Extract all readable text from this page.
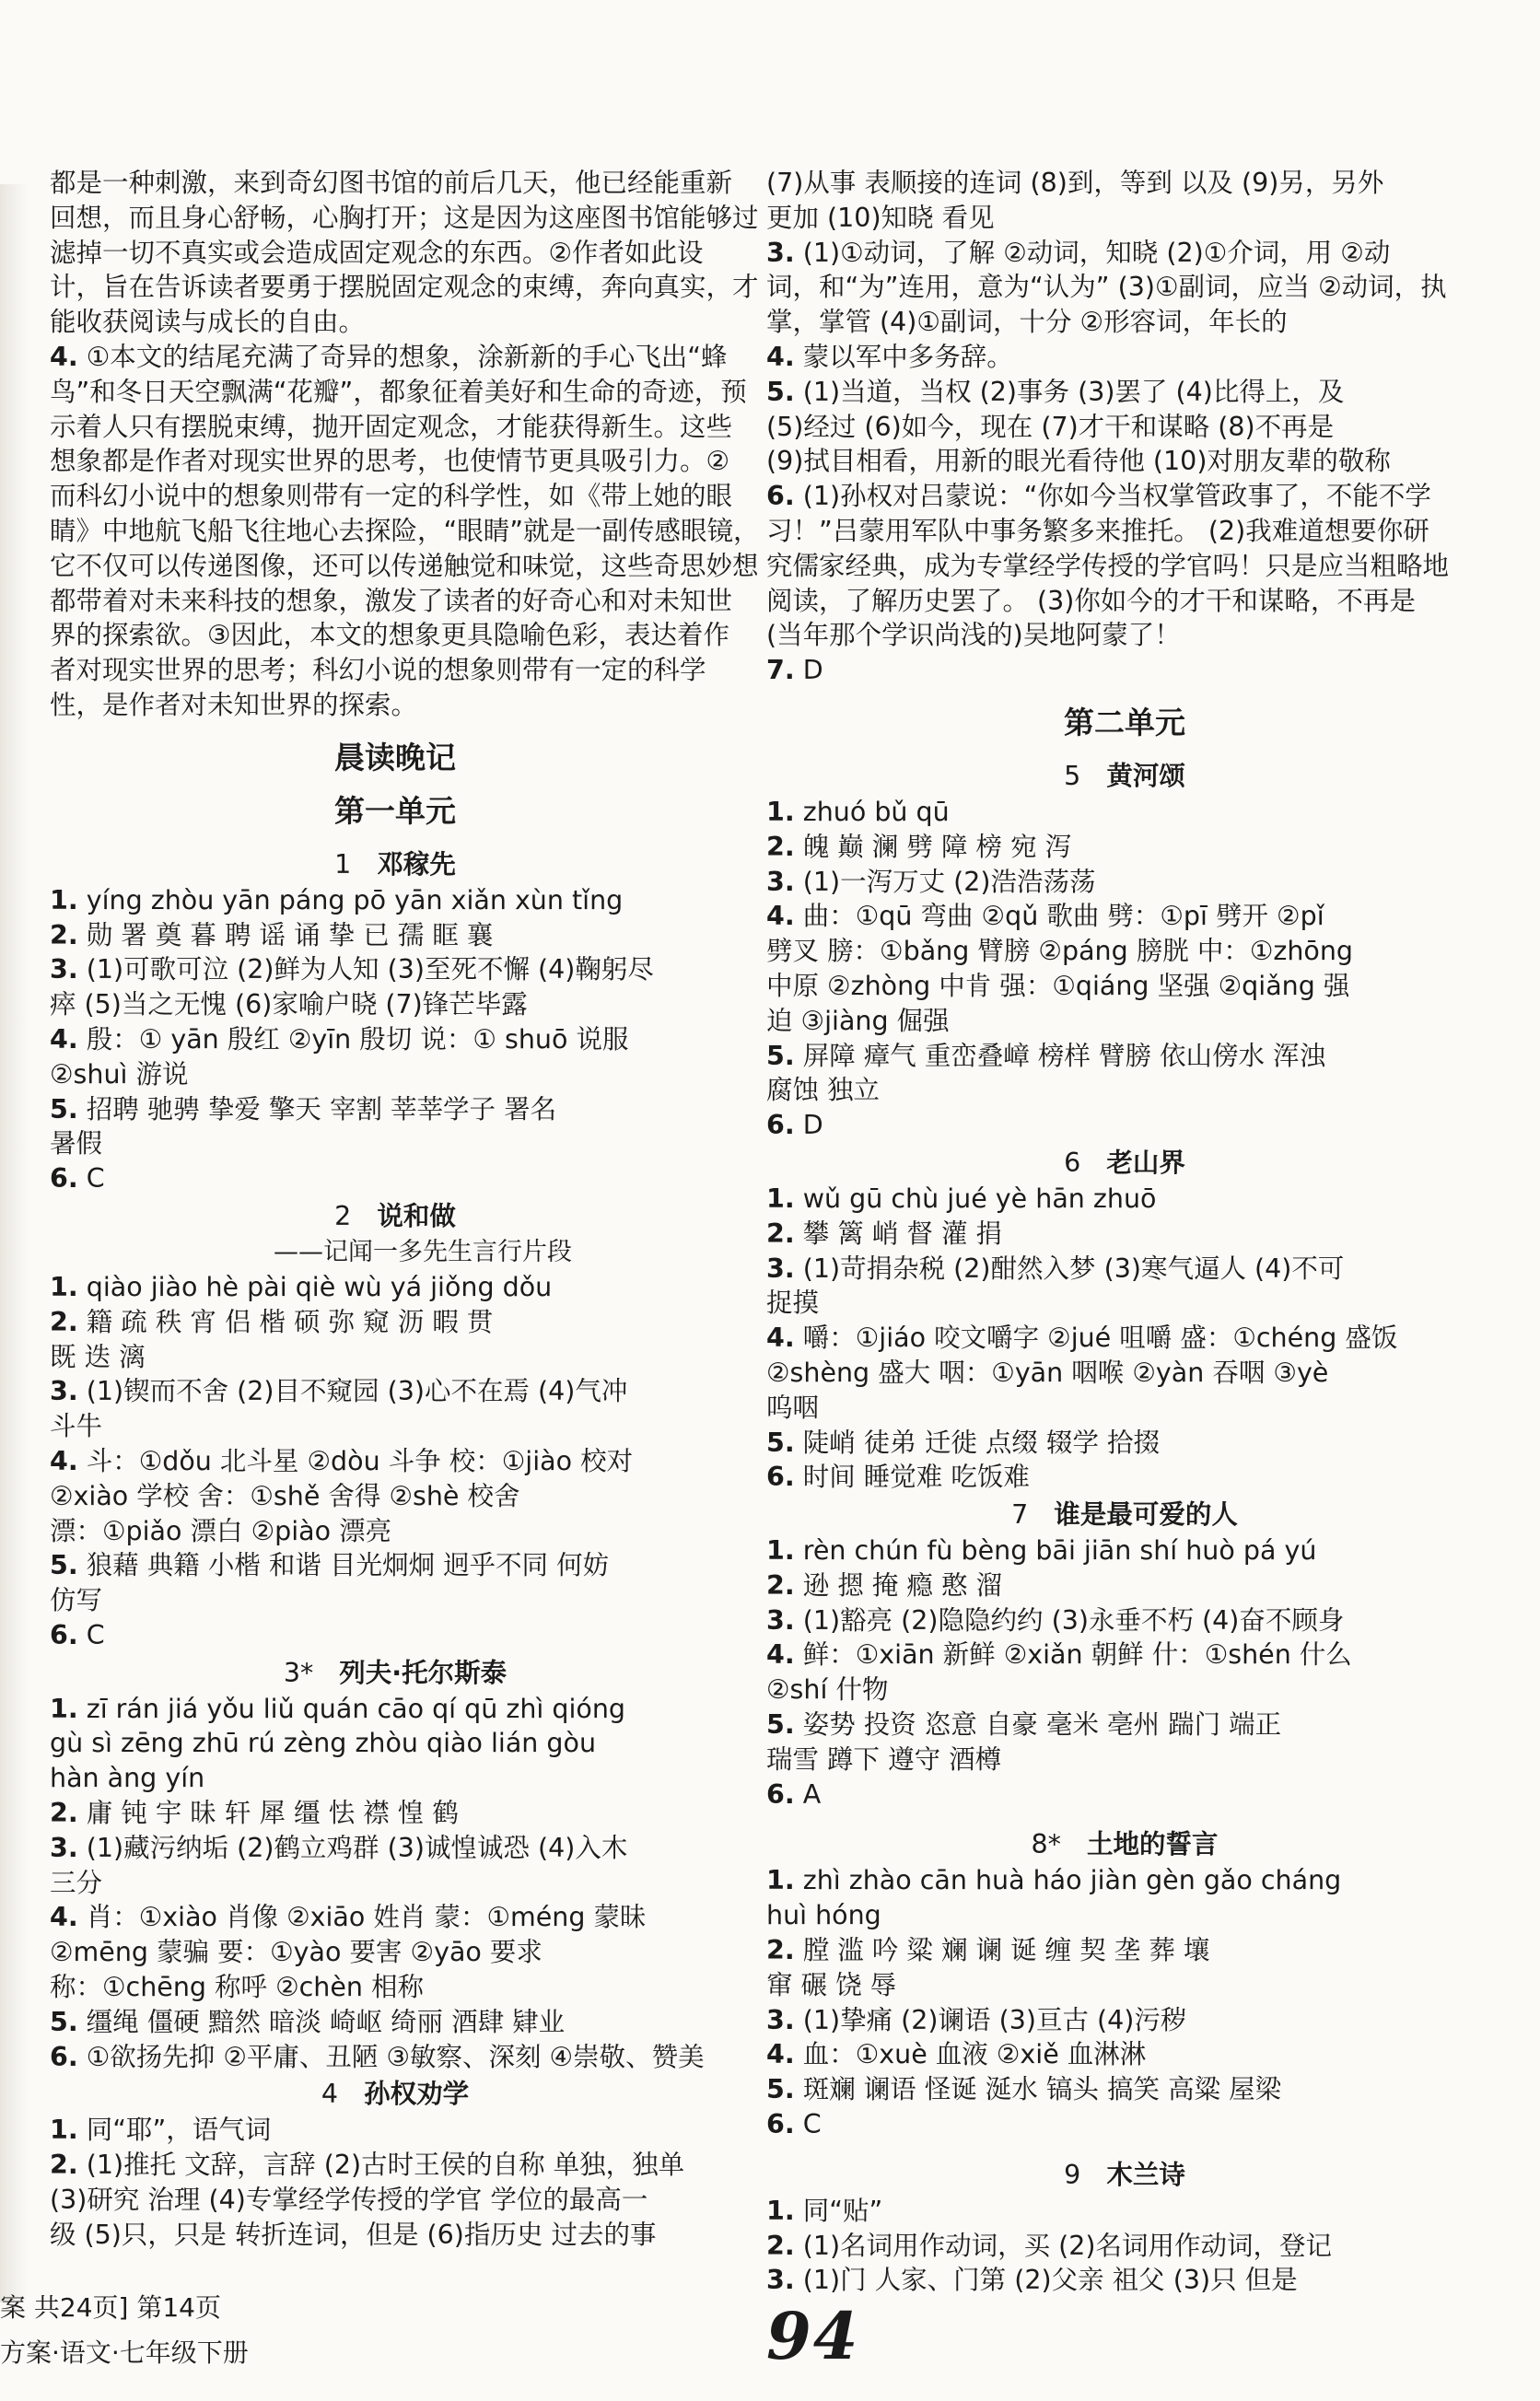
都是一种刺激，来到奇幻图书馆的前后几天，他已经能重新
回想，而且身心舒畅，心胸打开；这是因为这座图书馆能够过
滤掉一切不真实或会造成固定观念的东西。②作者如此设
计，旨在告诉读者要勇于摆脱固定观念的束缚，奔向真实，才
能收获阅读与成长的自由。
4. ①本文的结尾充满了奇异的想象，涂新新的手心飞出“蜂
鸟”和冬日天空飘满“花瓣”，都象征着美好和生命的奇迹，预
示着人只有摆脱束缚，抛开固定观念，才能获得新生。这些
想象都是作者对现实世界的思考，也使情节更具吸引力。②
而科幻小说中的想象则带有一定的科学性，如《带上她的眼
睛》中地航飞船飞往地心去探险，“眼睛”就是一副传感眼镜，
它不仅可以传递图像，还可以传递触觉和味觉，这些奇思妙想
都带着对未来科技的想象，激发了读者的好奇心和对未知世
界的探索欲。③因此，本文的想象更具隐喻色彩，表达着作
者对现实世界的思考；科幻小说的想象则带有一定的科学
性，是作者对未知世界的探索。
晨读晚记
第一单元
1 邓稼先
1. yíng zhòu yān páng pō yān xiǎn xùn tǐng
2. 勋 署 奠 暮 聘 谣 诵 挚 已 孺 眶 襄
3. (1)可歌可泣 (2)鲜为人知 (3)至死不懈 (4)鞠躬尽
瘁 (5)当之无愧 (6)家喻户晓 (7)锋芒毕露
4. 殷：① yān 殷红 ②yīn 殷切 说：① shuō 说服
②shuì 游说
5. 招聘 驰骋 挚爱 擎天 宰割 莘莘学子 署名
暑假
6. C
2 说和做
——记闻一多先生言行片段
1. qiào jiào hè pài qiè wù yá jiǒng dǒu
2. 籍 疏 秩 宵 侣 楷 硕 弥 窥 沥 暇 贯
既 迭 漓
3. (1)锲而不舍 (2)目不窥园 (3)心不在焉 (4)气冲
斗牛
4. 斗：①dǒu 北斗星 ②dòu 斗争 校：①jiào 校对
②xiào 学校 舍：①shě 舍得 ②shè 校舍
漂：①piǎo 漂白 ②piào 漂亮
5. 狼藉 典籍 小楷 和谐 目光炯炯 迥乎不同 何妨
仿写
6. C
3* 列夫·托尔斯泰
1. zī rán jiá yǒu liǔ quán cāo qí qū zhì qióng
gù sì zēng zhū rú zèng zhòu qiào lián gòu
hàn àng yín
2. 庸 钝 宇 昧 轩 犀 缰 怯 襟 惶 鹤
3. (1)藏污纳垢 (2)鹤立鸡群 (3)诚惶诚恐 (4)入木
三分
4. 肖：①xiào 肖像 ②xiāo 姓肖 蒙：①méng 蒙昧
②mēng 蒙骗 要：①yào 要害 ②yāo 要求
称：①chēng 称呼 ②chèn 相称
5. 缰绳 僵硬 黯然 暗淡 崎岖 绮丽 酒肆 肄业
6. ①欲扬先抑 ②平庸、丑陋 ③敏察、深刻 ④崇敬、赞美
4 孙权劝学
1. 同“耶”，语气词
2. (1)推托 文辞，言辞 (2)古时王侯的自称 单独，独单
(3)研究 治理 (4)专掌经学传授的学官 学位的最高一
级 (5)只，只是 转折连词，但是 (6)指历史 过去的事
(7)从事 表顺接的连词 (8)到，等到 以及 (9)另，另外
更加 (10)知晓 看见
3. (1)①动词，了解 ②动词，知晓 (2)①介词，用 ②动
词，和“为”连用，意为“认为” (3)①副词，应当 ②动词，执
掌，掌管 (4)①副词，十分 ②形容词，年长的
4. 蒙以军中多务辞。
5. (1)当道，当权 (2)事务 (3)罢了 (4)比得上，及
(5)经过 (6)如今，现在 (7)才干和谋略 (8)不再是
(9)拭目相看，用新的眼光看待他 (10)对朋友辈的敬称
6. (1)孙权对吕蒙说：“你如今当权掌管政事了，不能不学
习！”吕蒙用军队中事务繁多来推托。 (2)我难道想要你研
究儒家经典，成为专掌经学传授的学官吗！只是应当粗略地
阅读，了解历史罢了。 (3)你如今的才干和谋略，不再是
(当年那个学识尚浅的)吴地阿蒙了！
7. D
第二单元
5 黄河颂
1. zhuó bǔ qū
2. 魄 巅 澜 劈 障 榜 宛 泻
3. (1)一泻万丈 (2)浩浩荡荡
4. 曲：①qū 弯曲 ②qǔ 歌曲 劈：①pī 劈开 ②pǐ
劈叉 膀：①bǎng 臂膀 ②páng 膀胱 中：①zhōng
中原 ②zhòng 中肯 强：①qiáng 坚强 ②qiǎng 强
迫 ③jiàng 倔强
5. 屏障 瘴气 重峦叠嶂 榜样 臂膀 依山傍水 浑浊
腐蚀 独立
6. D
6 老山界
1. wǔ gū chù jué yè hān zhuō
2. 攀 篱 峭 督 灌 捐
3. (1)苛捐杂税 (2)酣然入梦 (3)寒气逼人 (4)不可
捉摸
4. 嚼：①jiáo 咬文嚼字 ②jué 咀嚼 盛：①chéng 盛饭
②shèng 盛大 咽：①yān 咽喉 ②yàn 吞咽 ③yè
呜咽
5. 陡峭 徒弟 迁徙 点缀 辍学 拾掇
6. 时间 睡觉难 吃饭难
7 谁是最可爱的人
1. rèn chún fù bèng bāi jiān shí huò pá yú
2. 逊 摁 掩 瘾 憨 溜
3. (1)豁亮 (2)隐隐约约 (3)永垂不朽 (4)奋不顾身
4. 鲜：①xiān 新鲜 ②xiǎn 朝鲜 什：①shén 什么
②shí 什物
5. 姿势 投资 恣意 自豪 毫米 亳州 踹门 端正
瑞雪 蹲下 遵守 酒樽
6. A
8* 土地的誓言
1. zhì zhào cān huà háo jiàn gèn gǎo cháng
huì hóng
2. 膛 滥 吟 粱 斓 谰 诞 缠 契 垄 葬 壤
窜 碾 饶 辱
3. (1)挚痛 (2)谰语 (3)亘古 (4)污秽
4. 血：①xuè 血液 ②xiě 血淋淋
5. 斑斓 谰语 怪诞 涎水 镐头 搞笑 高粱 屋梁
6. C
9 木兰诗
1. 同“贴”
2. (1)名词用作动词，买 (2)名词用作动词，登记
3. (1)门 人家、门第 (2)父亲 祖父 (3)只 但是
案 共24页] 第14页
方案·语文·七年级下册	94
